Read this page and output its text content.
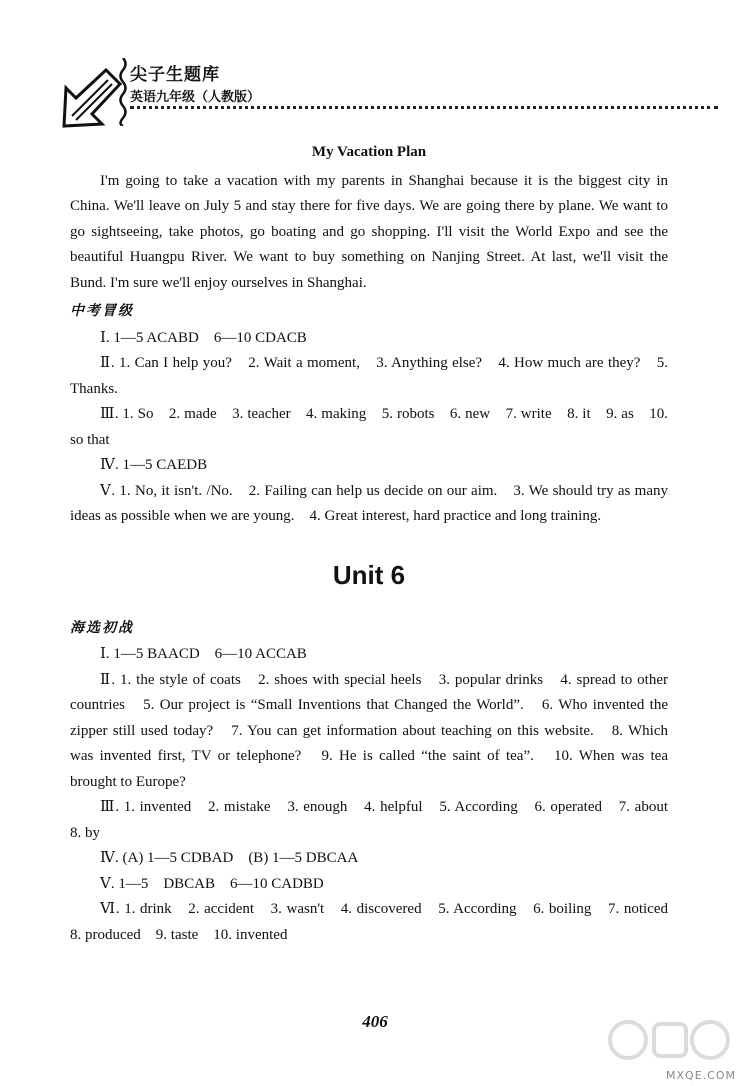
尖子生题库
英语九年级（人教版）

My Vacation Plan

I'm going to take a vacation with my parents in Shanghai because it is the biggest city in China. We'll leave on July 5 and stay there for five days. We are going there by plane. We want to go sightseeing, take photos, go boating and go shopping. I'll visit the World Expo and see the beautiful Huangpu River. We want to buy something on Nanjing Street. At last, we'll visit the Bund. I'm sure we'll enjoy ourselves in Shanghai.

中考冒级

Ⅰ. 1—5 ACABD　6—10 CDACB

Ⅱ. 1. Can I help you?　2. Wait a moment,　3. Anything else?　4. How much are they?　5. Thanks.

Ⅲ. 1. So　2. made　3. teacher　4. making　5. robots　6. new　7. write　8. it　9. as　10. so that

Ⅳ. 1—5 CAEDB

Ⅴ. 1. No, it isn't. /No.　2. Failing can help us decide on our aim.　3. We should try as many ideas as possible when we are young.　4. Great interest, hard practice and long training.

Unit 6

海选初战

Ⅰ. 1—5 BAACD　6—10 ACCAB

Ⅱ. 1. the style of coats　2. shoes with special heels　3. popular drinks　4. spread to other countries　5. Our project is “Small Inventions that Changed the World”.　6. Who invented the zipper still used today?　7. You can get information about teaching on this website.　8. Which was invented first, TV or telephone?　9. He is called “the saint of tea”.　10. When was tea brought to Europe?

Ⅲ. 1. invented　2. mistake　3. enough　4. helpful　5. According　6. operated　7. about　8. by

Ⅳ. (A) 1—5 CDBAD　(B) 1—5 DBCAA

Ⅴ. 1—5　DBCAB　6—10 CADBD

Ⅵ. 1. drink　2. accident　3. wasn't　4. discovered　5. According　6. boiling　7. noticed　8. produced　9. taste　10. invented

406
MXQE.COM
